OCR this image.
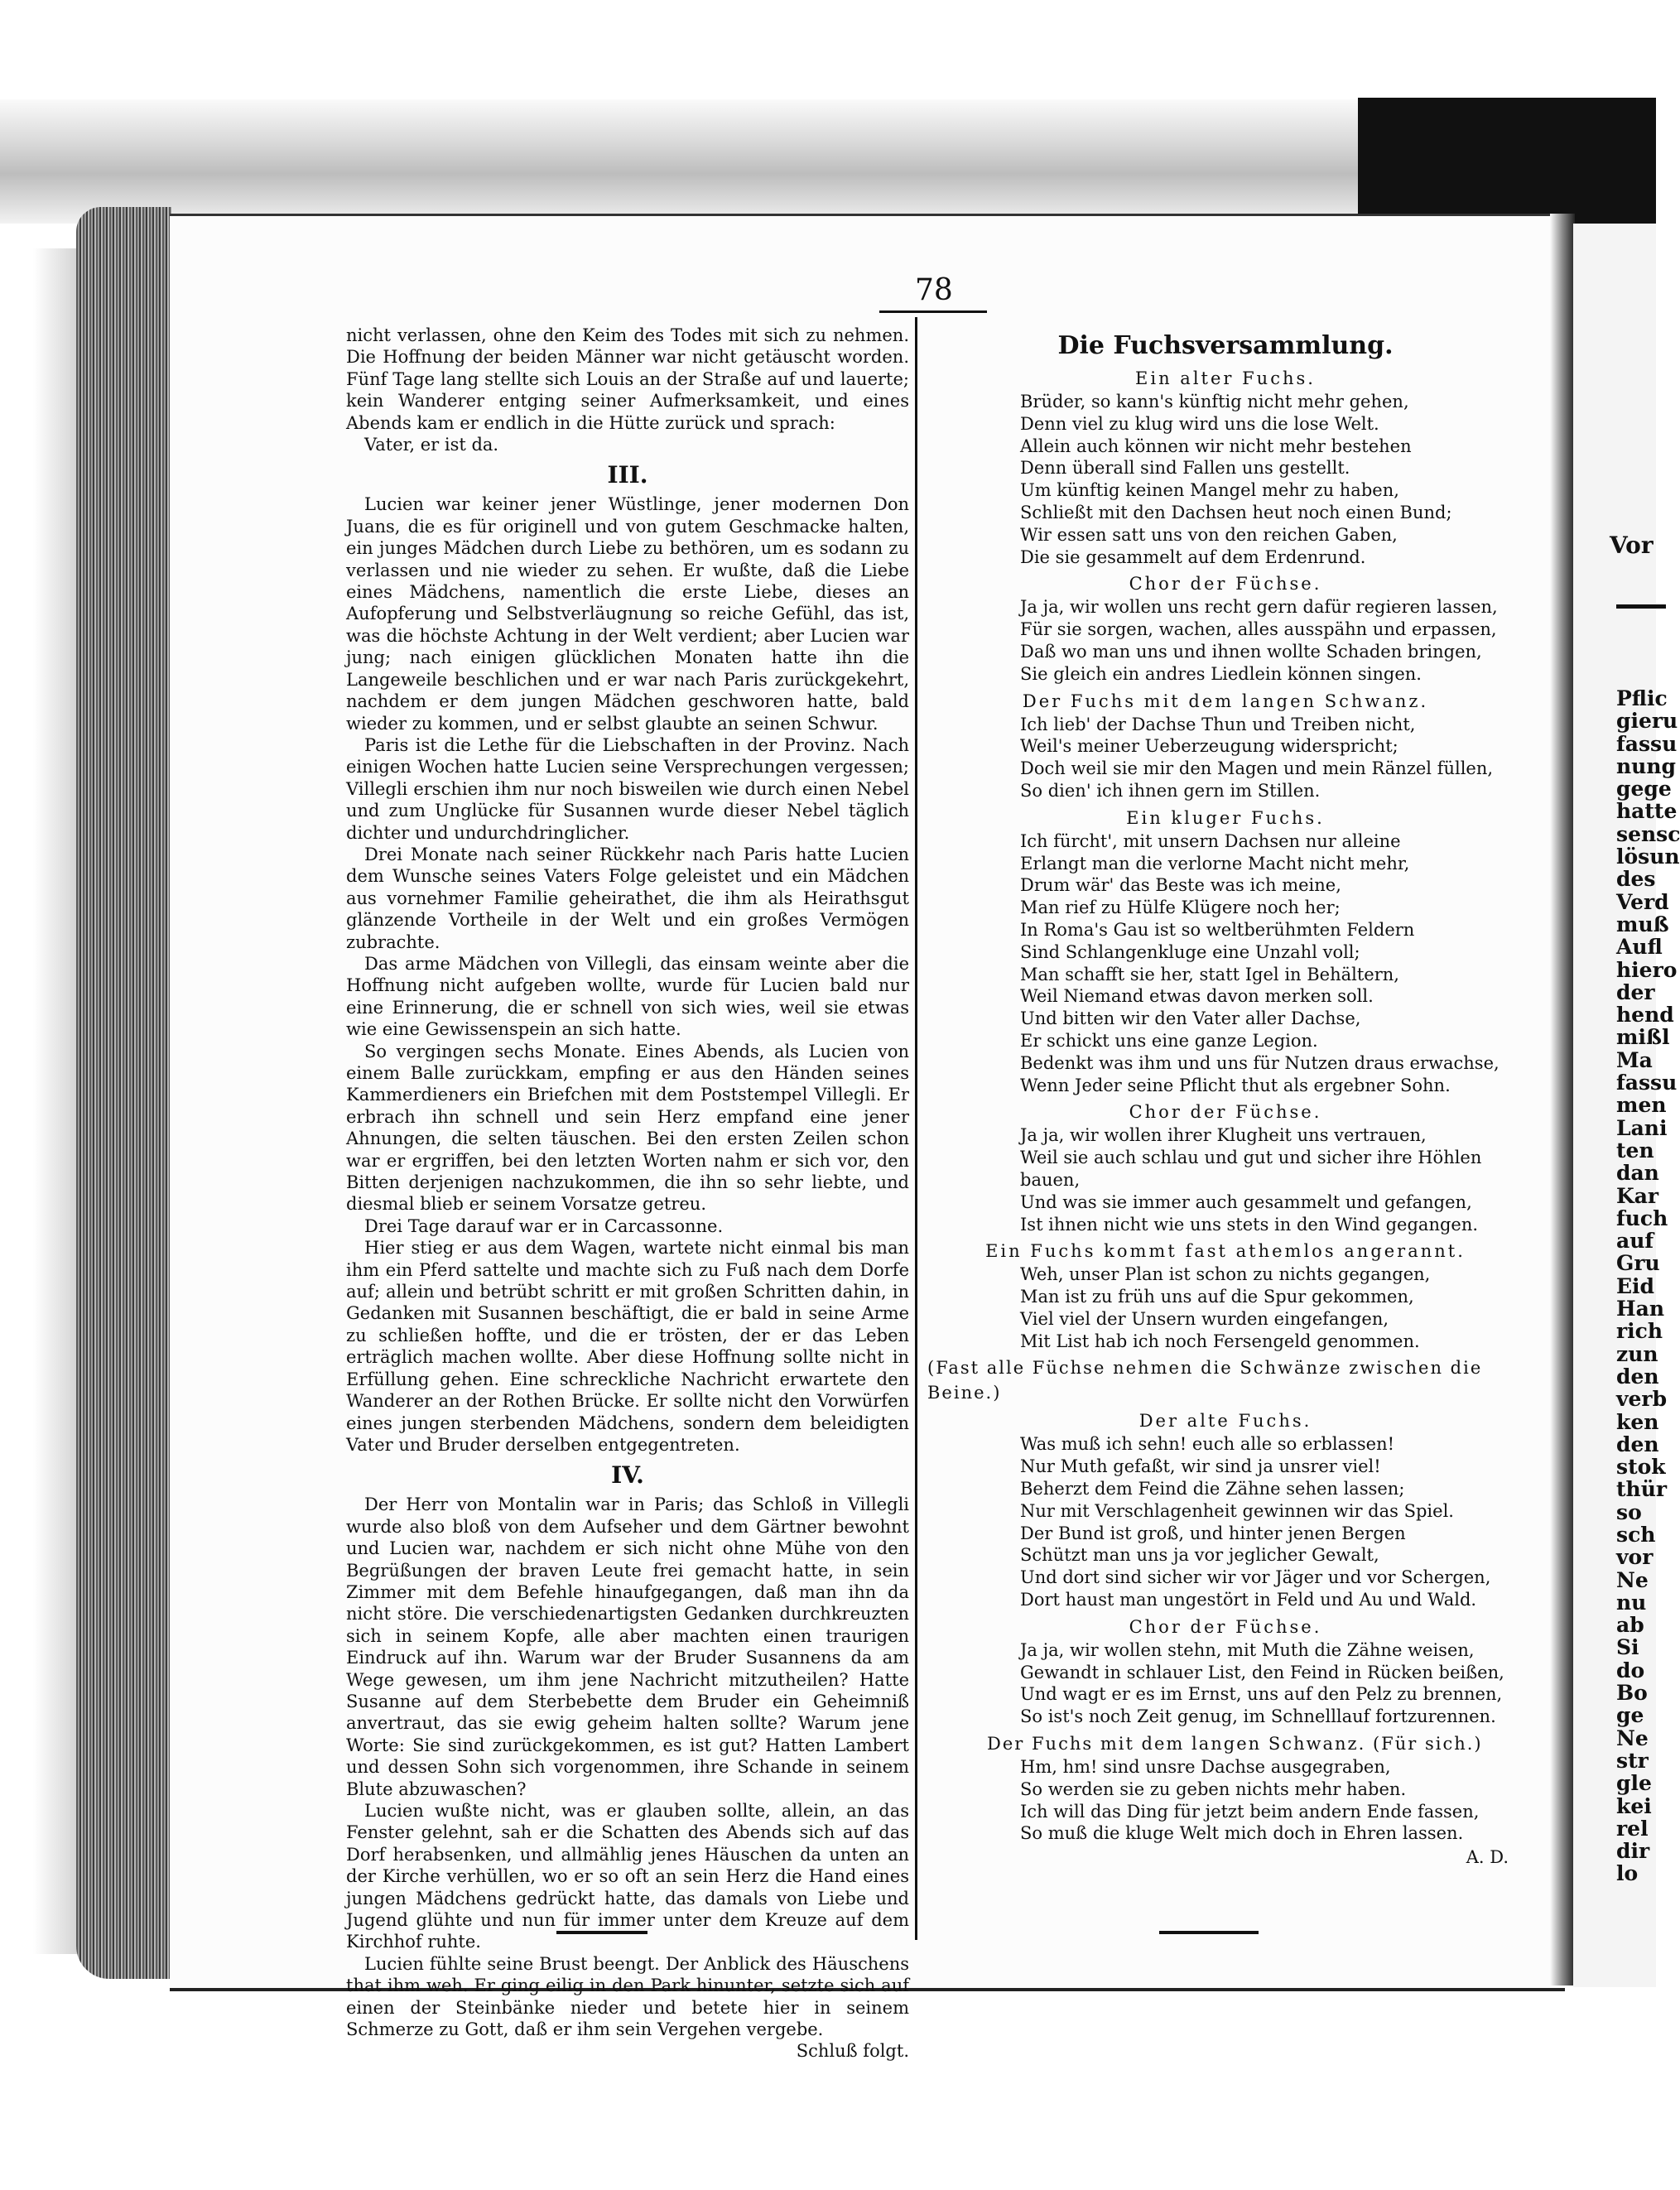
Vor
Pflic
gieru
fassu
nung
gege
hatte
sensc
lösun
des
Verd
muß
Aufl
hiero
der
hend
mißl
Ma
fassu
men
Lani
ten
dan
Kar
fuch
auf
Gru
Eid
Han
rich
zun
den
verb
ken
den
stok
thür
so
sch
vor
Ne
nu
ab
Si
do
Bo
ge
Ne
str
gle
kei
rel
dir
lo
78

nicht verlassen, ohne den Keim des Todes mit sich zu nehmen. Die Hoffnung der beiden Männer war nicht getäuscht worden. Fünf Tage lang stellte sich Louis an der Straße auf und lauerte; kein Wanderer entging seiner Aufmerksamkeit, und eines Abends kam er endlich in die Hütte zurück und sprach:

Vater, er ist da.

III.

Lucien war keiner jener Wüstlinge, jener modernen Don Juans, die es für originell und von gutem Geschmacke halten, ein junges Mädchen durch Liebe zu bethören, um es sodann zu verlassen und nie wieder zu sehen. Er wußte, daß die Liebe eines Mädchens, namentlich die erste Liebe, dieses an Aufopferung und Selbstverläugnung so reiche Gefühl, das ist, was die höchste Achtung in der Welt verdient; aber Lucien war jung; nach einigen glücklichen Monaten hatte ihn die Langeweile beschlichen und er war nach Paris zurückgekehrt, nachdem er dem jungen Mädchen geschworen hatte, bald wieder zu kommen, und er selbst glaubte an seinen Schwur.

Paris ist die Lethe für die Liebschaften in der Provinz. Nach einigen Wochen hatte Lucien seine Versprechungen vergessen; Villegli erschien ihm nur noch bisweilen wie durch einen Nebel und zum Unglücke für Susannen wurde dieser Nebel täglich dichter und undurchdringlicher.

Drei Monate nach seiner Rückkehr nach Paris hatte Lucien dem Wunsche seines Vaters Folge geleistet und ein Mädchen aus vornehmer Familie geheirathet, die ihm als Heirathsgut glänzende Vortheile in der Welt und ein großes Vermögen zubrachte.

Das arme Mädchen von Villegli, das einsam weinte aber die Hoffnung nicht aufgeben wollte, wurde für Lucien bald nur eine Erinnerung, die er schnell von sich wies, weil sie etwas wie eine Gewissenspein an sich hatte.

So vergingen sechs Monate. Eines Abends, als Lucien von einem Balle zurückkam, empfing er aus den Händen seines Kammerdieners ein Briefchen mit dem Poststempel Villegli. Er erbrach ihn schnell und sein Herz empfand eine jener Ahnungen, die selten täuschen. Bei den ersten Zeilen schon war er ergriffen, bei den letzten Worten nahm er sich vor, den Bitten derjenigen nachzukommen, die ihn so sehr liebte, und diesmal blieb er seinem Vorsatze getreu.

Drei Tage darauf war er in Carcassonne.

Hier stieg er aus dem Wagen, wartete nicht einmal bis man ihm ein Pferd sattelte und machte sich zu Fuß nach dem Dorfe auf; allein und betrübt schritt er mit großen Schritten dahin, in Gedanken mit Susannen beschäftigt, die er bald in seine Arme zu schließen hoffte, und die er trösten, der er das Leben erträglich machen wollte. Aber diese Hoffnung sollte nicht in Erfüllung gehen. Eine schreckliche Nachricht erwartete den Wanderer an der Rothen Brücke. Er sollte nicht den Vorwürfen eines jungen sterbenden Mädchens, sondern dem beleidigten Vater und Bruder derselben entgegentreten.

IV.

Der Herr von Montalin war in Paris; das Schloß in Villegli wurde also bloß von dem Aufseher und dem Gärtner bewohnt und Lucien war, nachdem er sich nicht ohne Mühe von den Begrüßungen der braven Leute frei gemacht hatte, in sein Zimmer mit dem Befehle hinaufgegangen, daß man ihn da nicht störe. Die verschiedenartigsten Gedanken durchkreuzten sich in seinem Kopfe, alle aber machten einen traurigen Eindruck auf ihn. Warum war der Bruder Susannens da am Wege gewesen, um ihm jene Nachricht mitzutheilen? Hatte Susanne auf dem Sterbebette dem Bruder ein Geheimniß anvertraut, das sie ewig geheim halten sollte? Warum jene Worte: Sie sind zurückgekommen, es ist gut? Hatten Lambert und dessen Sohn sich vorgenommen, ihre Schande in seinem Blute abzuwaschen?

Lucien wußte nicht, was er glauben sollte, allein, an das Fenster gelehnt, sah er die Schatten des Abends sich auf das Dorf herabsenken, und allmählig jenes Häuschen da unten an der Kirche verhüllen, wo er so oft an sein Herz die Hand eines jungen Mädchens gedrückt hatte, das damals von Liebe und Jugend glühte und nun für immer unter dem Kreuze auf dem Kirchhof ruhte.

Lucien fühlte seine Brust beengt. Der Anblick des Häuschens that ihm weh. Er ging eilig in den Park hinunter, setzte sich auf einen der Steinbänke nieder und betete hier in seinem Schmerze zu Gott, daß er ihm sein Vergehen vergebe.

Schluß folgt.
Die Fuchsversammlung.
Ein alter Fuchs.

Brüder, so kann's künftig nicht mehr gehen,

Denn viel zu klug wird uns die lose Welt.

Allein auch können wir nicht mehr bestehen

Denn überall sind Fallen uns gestellt.

Um künftig keinen Mangel mehr zu haben,

Schließt mit den Dachsen heut noch einen Bund;

Wir essen satt uns von den reichen Gaben,

Die sie gesammelt auf dem Erdenrund.

Chor der Füchse.

Ja ja, wir wollen uns recht gern dafür regieren lassen,

Für sie sorgen, wachen, alles ausspähn und erpassen,

Daß wo man uns und ihnen wollte Schaden bringen,

Sie gleich ein andres Liedlein können singen.

Der Fuchs mit dem langen Schwanz.

Ich lieb' der Dachse Thun und Treiben nicht,

Weil's meiner Ueberzeugung widerspricht;

Doch weil sie mir den Magen und mein Ränzel füllen,

So dien' ich ihnen gern im Stillen.

Ein kluger Fuchs.

Ich fürcht', mit unsern Dachsen nur alleine

Erlangt man die verlorne Macht nicht mehr,

Drum wär' das Beste was ich meine,

Man rief zu Hülfe Klügere noch her;

In Roma's Gau ist so weltberühmten Feldern

Sind Schlangenkluge eine Unzahl voll;

Man schafft sie her, statt Igel in Behältern,

Weil Niemand etwas davon merken soll.

Und bitten wir den Vater aller Dachse,

Er schickt uns eine ganze Legion.

Bedenkt was ihm und uns für Nutzen draus erwachse,

Wenn Jeder seine Pflicht thut als ergebner Sohn.

Chor der Füchse.

Ja ja, wir wollen ihrer Klugheit uns vertrauen,

Weil sie auch schlau und gut und sicher ihre Höhlen bauen,

Und was sie immer auch gesammelt und gefangen,

Ist ihnen nicht wie uns stets in den Wind gegangen.

Ein Fuchs kommt fast athemlos angerannt.

Weh, unser Plan ist schon zu nichts gegangen,

Man ist zu früh uns auf die Spur gekommen,

Viel viel der Unsern wurden eingefangen,

Mit List hab ich noch Fersengeld genommen.

(Fast alle Füchse nehmen die Schwänze zwischen die Beine.)
Der alte Fuchs.

Was muß ich sehn! euch alle so erblassen!

Nur Muth gefaßt, wir sind ja unsrer viel!

Beherzt dem Feind die Zähne sehen lassen;

Nur mit Verschlagenheit gewinnen wir das Spiel.

Der Bund ist groß, und hinter jenen Bergen

Schützt man uns ja vor jeglicher Gewalt,

Und dort sind sicher wir vor Jäger und vor Schergen,

Dort haust man ungestört in Feld und Au und Wald.

Chor der Füchse.

Ja ja, wir wollen stehn, mit Muth die Zähne weisen,

Gewandt in schlauer List, den Feind in Rücken beißen,

Und wagt er es im Ernst, uns auf den Pelz zu brennen,

So ist's noch Zeit genug, im Schnelllauf fortzurennen.

Der Fuchs mit dem langen Schwanz. (Für sich.)

Hm, hm! sind unsre Dachse ausgegraben,

So werden sie zu geben nichts mehr haben.

Ich will das Ding für jetzt beim andern Ende fassen,

So muß die kluge Welt mich doch in Ehren lassen.

A. D.
